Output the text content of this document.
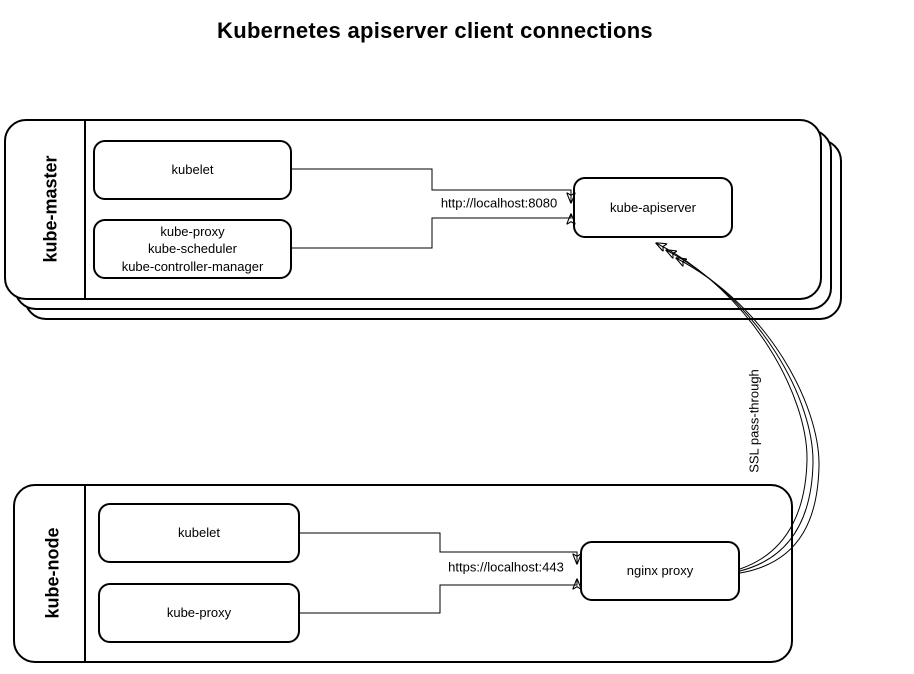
Kubernetes apiserver client connections
kube-master
kube-node
kubelet
kube-proxy
kube-scheduler
kube-controller-manager
kube-apiserver
kubelet
kube-proxy
nginx proxy
http://localhost:8080
https://localhost:443
SSL pass-through
